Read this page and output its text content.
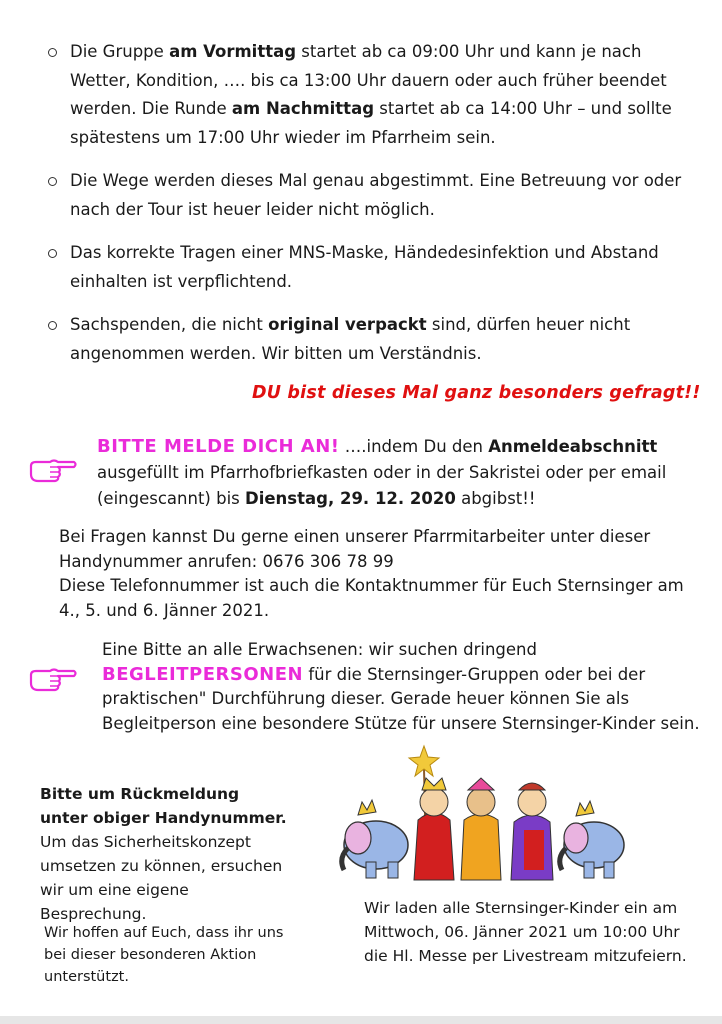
Die Gruppe am Vormittag startet ab ca 09:00 Uhr und kann je nach Wetter, Kondition, …. bis ca 13:00 Uhr dauern oder auch früher beendet werden. Die Runde am Nachmittag startet ab ca 14:00 Uhr – und sollte spätestens um 17:00 Uhr wieder im Pfarrheim sein.
Die Wege werden dieses Mal genau abgestimmt. Eine Betreuung vor oder nach der Tour ist heuer leider nicht möglich.
Das korrekte Tragen einer MNS-Maske, Händedesinfektion und Abstand einhalten ist verpflichtend.
Sachspenden, die nicht original verpackt sind, dürfen heuer nicht angenommen werden. Wir bitten um Verständnis.
DU bist dieses Mal ganz besonders gefragt!!
BITTE MELDE DICH AN! ….indem Du den Anmeldeabschnitt ausgefüllt im Pfarrhofbriefkasten oder in der Sakristei oder per email (eingescannt) bis Dienstag, 29. 12. 2020 abgibst!!
Bei Fragen kannst Du gerne einen unserer Pfarrmitarbeiter unter dieser Handynummer anrufen: 0676 306 78 99
Diese Telefonnummer ist auch die Kontaktnummer für Euch Sternsinger am 4., 5. und 6. Jänner 2021.
Eine Bitte an alle Erwachsenen: wir suchen dringend
BEGLEITPERSONEN für die Sternsinger-Gruppen oder bei der praktischen" Durchführung dieser. Gerade heuer können Sie als Begleitperson eine besondere Stütze für unsere Sternsinger-Kinder sein.
Bitte um Rückmeldung unter obiger Handynummer. Um das Sicherheitskonzept umsetzen zu können, ersuchen wir um eine eigene Besprechung.
Wir hoffen auf Euch, dass ihr uns bei dieser besonderen Aktion unterstützt.
Wir laden alle Sternsinger-Kinder ein am Mittwoch, 06. Jänner 2021 um 10:00 Uhr die Hl. Messe per Livestream mitzufeiern.
